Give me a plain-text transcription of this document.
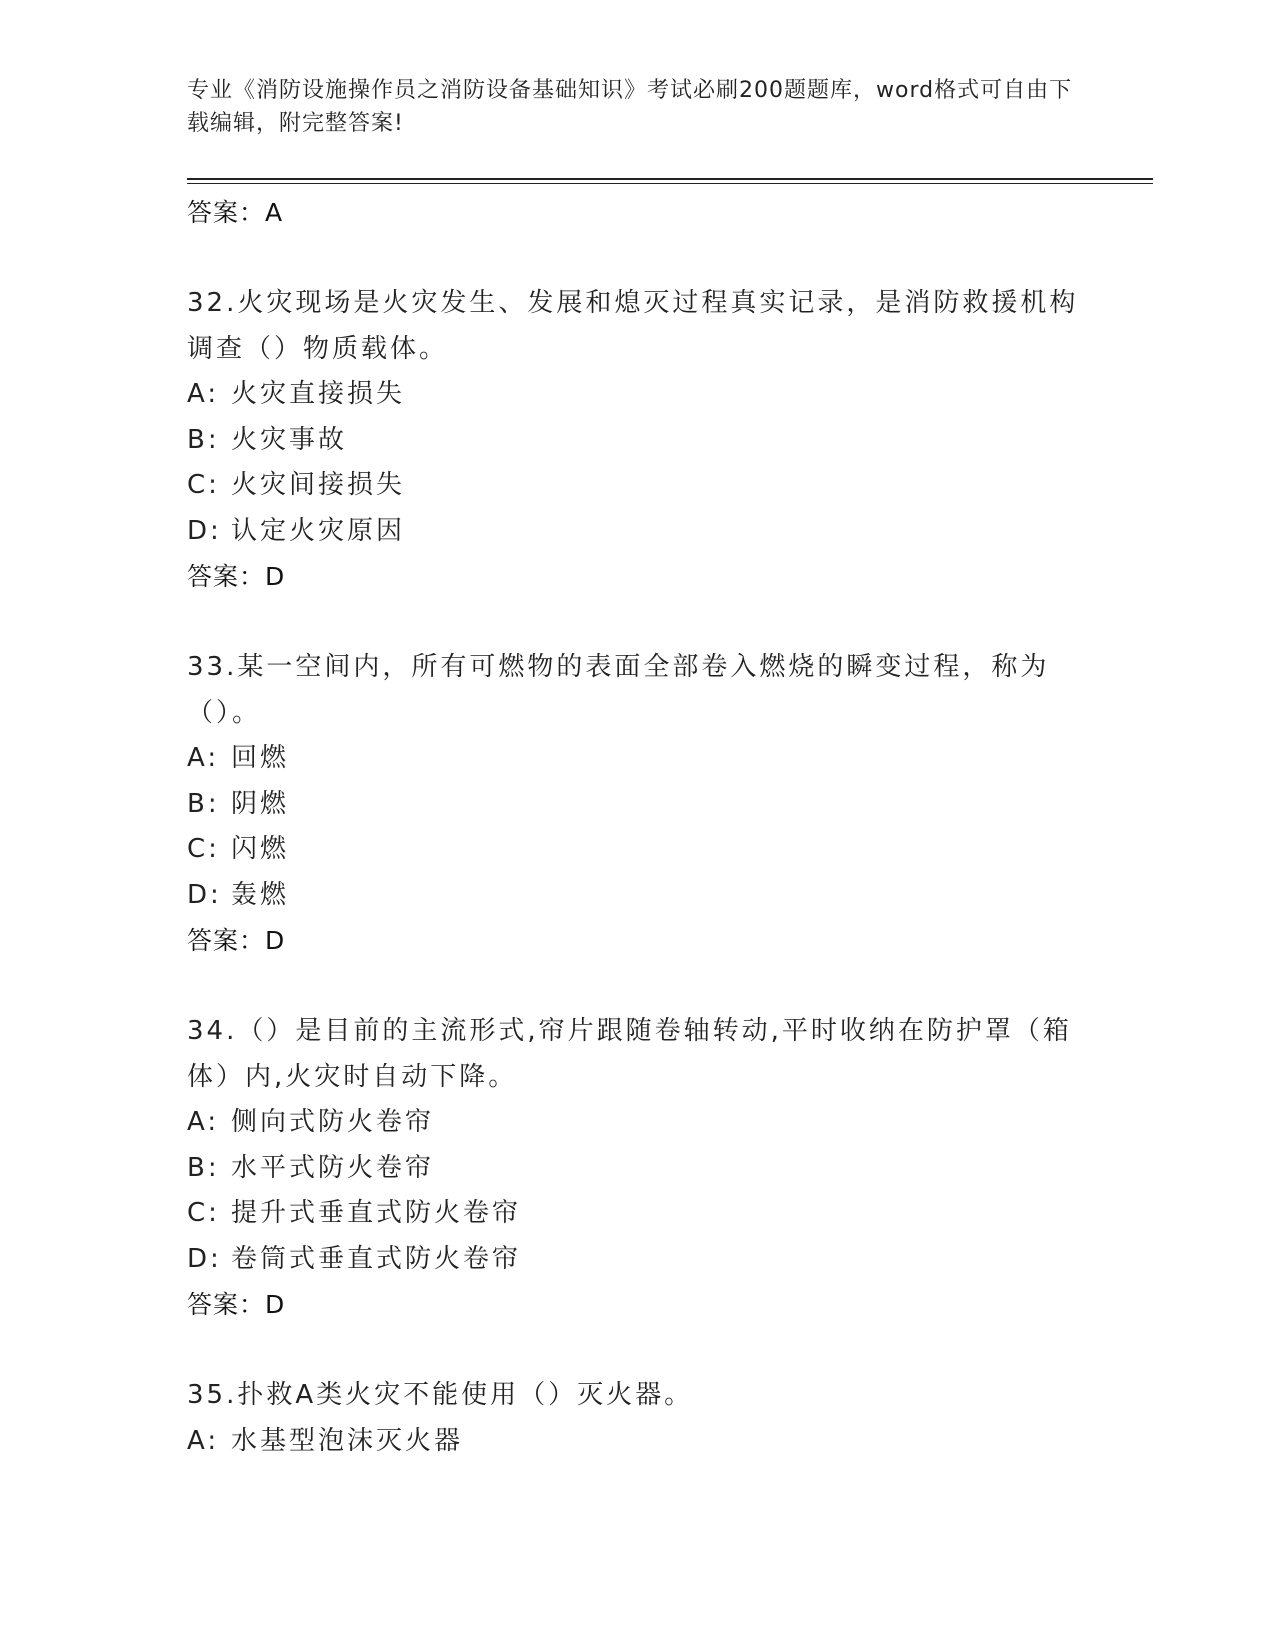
专业《消防设施操作员之消防设备基础知识》考试必刷200题题库，word格式可自由下载编辑，附完整答案!
答案：A
32.火灾现场是火灾发生、发展和熄灭过程真实记录，是消防救援机构调查（）物质载体。
A: 火灾直接损失
B: 火灾事故
C: 火灾间接损失
D: 认定火灾原因
答案：D
33.某一空间内，所有可燃物的表面全部卷入燃烧的瞬变过程，称为（）。
A: 回燃
B: 阴燃
C: 闪燃
D: 轰燃
答案：D
34.（）是目前的主流形式,帘片跟随卷轴转动,平时收纳在防护罩（箱体）内,火灾时自动下降。
A: 侧向式防火卷帘
B: 水平式防火卷帘
C: 提升式垂直式防火卷帘
D: 卷筒式垂直式防火卷帘
答案：D
35.扑救A类火灾不能使用（）灭火器。
A: 水基型泡沫灭火器
